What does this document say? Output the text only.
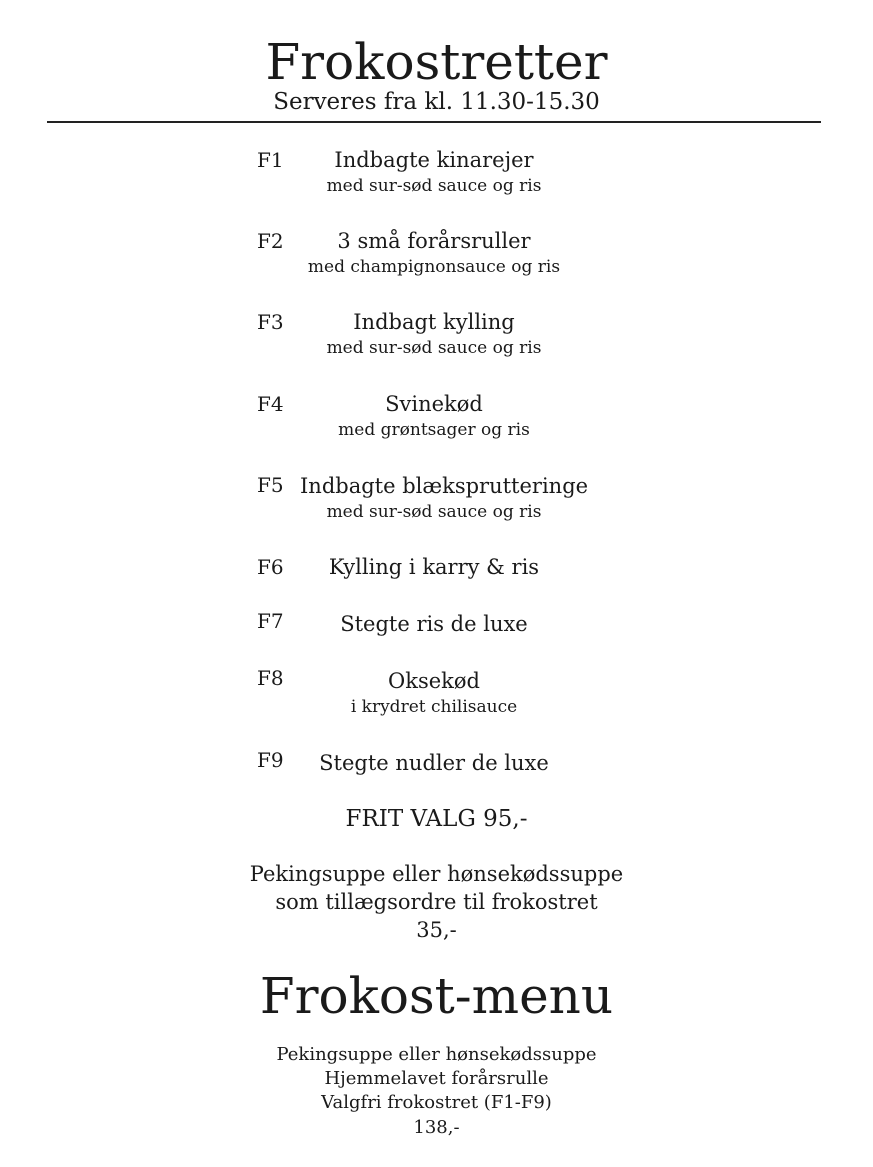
Frokostretter
Serveres fra kl. 11.30-15.30
F1	Indbagte kinarejer
med sur-sød sauce og ris
F2	3 små forårsruller
med champignonsauce og ris
F3	Indbagt kylling
med sur-sød sauce og ris
F4	Svinekød
med grøntsager og ris
F5 Indbagte blæksprutteringe
med sur-sød sauce og ris
F6	Kylling i karry & ris
F7	Stegte ris de luxe
F8	Oksekød
i krydret chilisauce
F9	Stegte nudler de luxe
FRIT VALG 95,-
Pekingsuppe eller hønsekødssuppe
som tillægsordre til frokostret
35,-
Frokost-menu
Pekingsuppe eller hønsekødssuppe
Hjemmelavet forårsrulle
Valgfri frokostret (F1-F9)
138,-
